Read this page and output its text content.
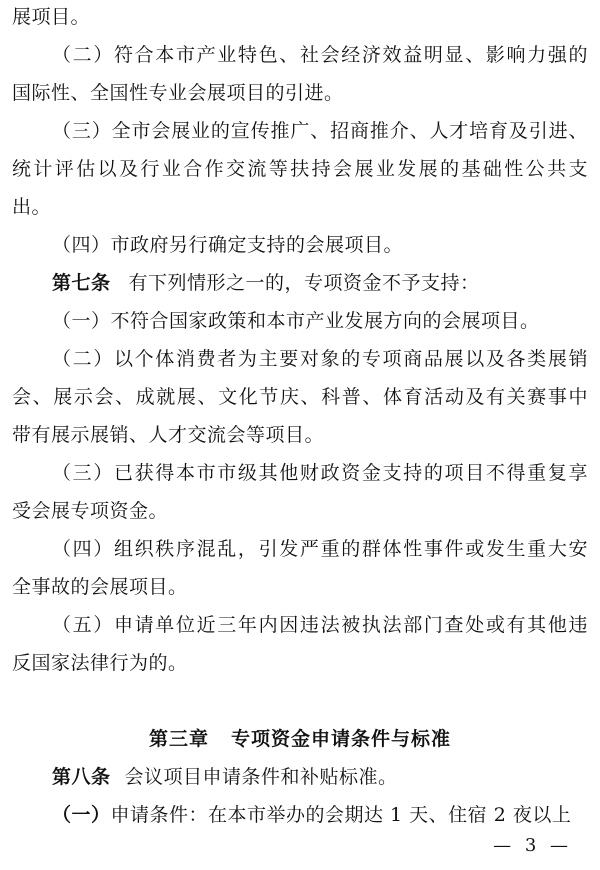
展项目。
（二）符合本市产业特色、社会经济效益明显、影响力强的
国际性、全国性专业会展项目的引进。
（三）全市会展业的宣传推广、招商推介、人才培育及引进、
统计评估以及行业合作交流等扶持会展业发展的基础性公共支
出。
（四）市政府另行确定支持的会展项目。
第七条 有下列情形之一的，专项资金不予支持：
（一）不符合国家政策和本市产业发展方向的会展项目。
（二）以个体消费者为主要对象的专项商品展以及各类展销
会、展示会、成就展、文化节庆、科普、体育活动及有关赛事中
带有展示展销、人才交流会等项目。
（三）已获得本市市级其他财政资金支持的项目不得重复享
受会展专项资金。
（四）组织秩序混乱，引发严重的群体性事件或发生重大安
全事故的会展项目。
（五）申请单位近三年内因违法被执法部门查处或有其他违
反国家法律行为的。
第三章 专项资金申请条件与标准
第八条 会议项目申请条件和补贴标准。
（一）申请条件：在本市举办的会期达 1 天、住宿 2 夜以上
— 3 —
